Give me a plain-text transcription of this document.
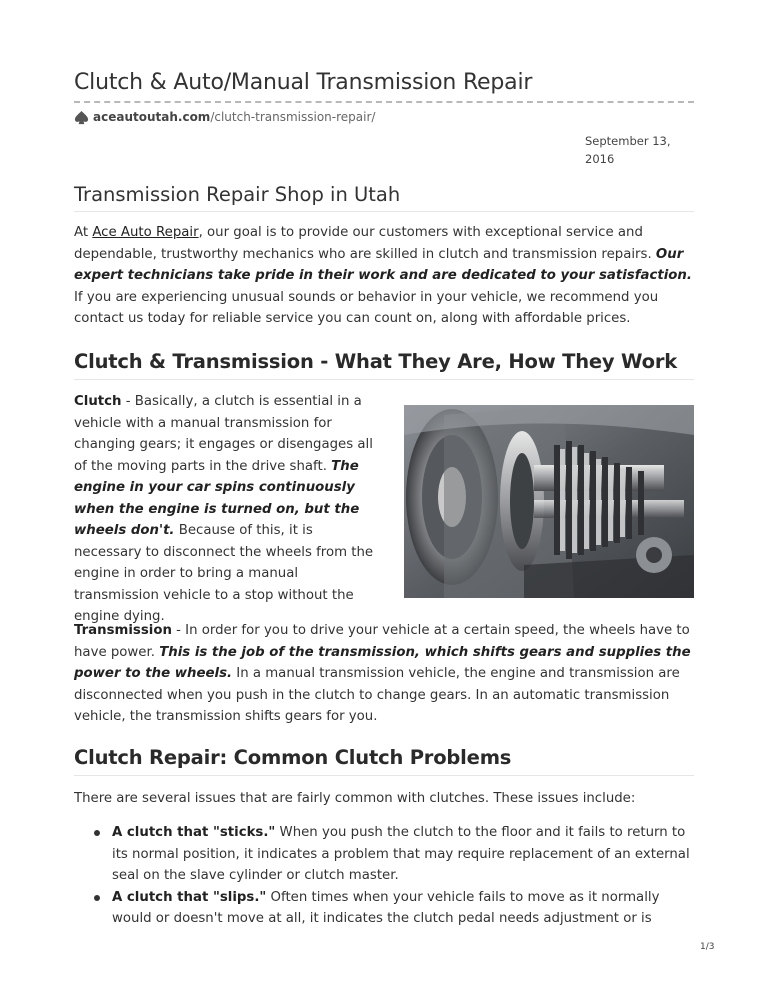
Clutch & Auto/Manual Transmission Repair
aceautoutah.com/clutch-transmission-repair/
September 13,
2016
Transmission Repair Shop in Utah

At Ace Auto Repair, our goal is to provide our customers with exceptional service and dependable, trustworthy mechanics who are skilled in clutch and transmission repairs. Our expert technicians take pride in their work and are dedicated to your satisfaction. If you are experiencing unusual sounds or behavior in your vehicle, we recommend you contact us today for reliable service you can count on, along with affordable prices.

Clutch & Transmission - What They Are, How They Work

Clutch - Basically, a clutch is essential in a vehicle with a manual transmission for changing gears; it engages or disengages all of the moving parts in the drive shaft. The engine in your car spins continuously when the engine is turned on, but the wheels don't. Because of this, it is necessary to disconnect the wheels from the engine in order to bring a manual transmission vehicle to a stop without the engine dying.

Transmission - In order for you to drive your vehicle at a certain speed, the wheels have to have power. This is the job of the transmission, which shifts gears and supplies the power to the wheels. In a manual transmission vehicle, the engine and transmission are disconnected when you push in the clutch to change gears. In an automatic transmission vehicle, the transmission shifts gears for you.

Clutch Repair: Common Clutch Problems

There are several issues that are fairly common with clutches. These issues include:

A clutch that "sticks." When you push the clutch to the floor and it fails to return to its normal position, it indicates a problem that may require replacement of an external seal on the slave cylinder or clutch master.
A clutch that "slips." Often times when your vehicle fails to move as it normally would or doesn't move at all, it indicates the clutch pedal needs adjustment or is
1/3
